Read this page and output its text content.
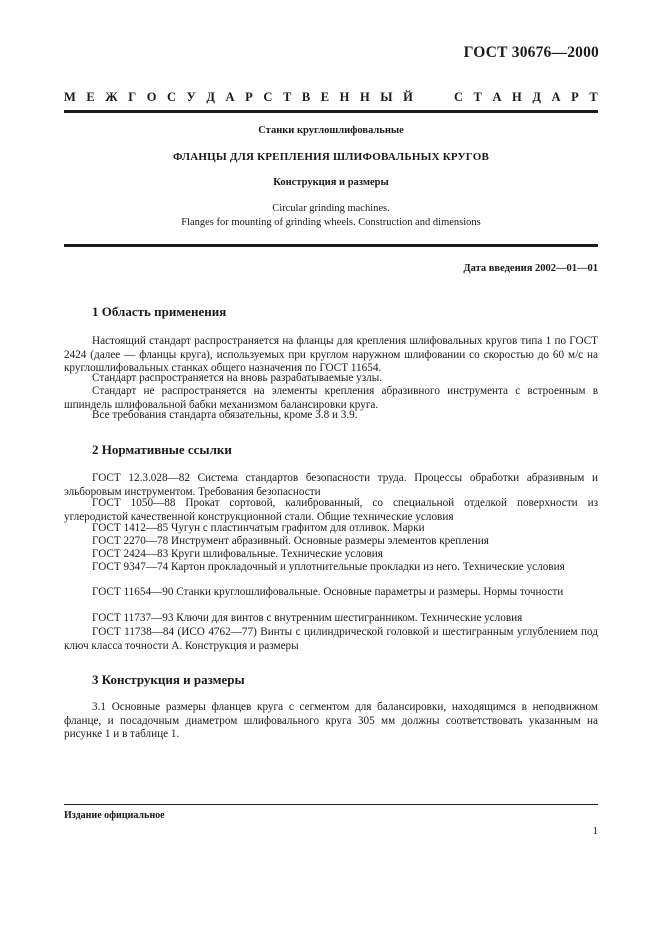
ГОСТ 30676—2000
М Е Ж Г О С У Д А Р С Т В Е Н Н Ы Й	С Т А Н Д А Р Т
Станки круглошлифовальные
ФЛАНЦЫ ДЛЯ КРЕПЛЕНИЯ ШЛИФОВАЛЬНЫХ КРУГОВ
Конструкция и размеры
Circular grinding machines.
Flanges for mounting of grinding wheels. Construction and dimensions
Дата введения 2002—01—01
1 Область применения
Настоящий стандарт распространяется на фланцы для крепления шлифовальных кругов типа 1 по ГОСТ 2424 (далее — фланцы круга), используемых при круглом наружном шлифовании со скоростью до 60 м/с на круглошлифовальных станках общего назначения по ГОСТ 11654.
Стандарт распространяется на вновь разрабатываемые узлы.
Стандарт не распространяется на элементы крепления абразивного инструмента с встроенным в шпиндель шлифовальной бабки механизмом балансировки круга.
Все требования стандарта обязательны, кроме 3.8 и 3.9.
2 Нормативные ссылки
ГОСТ 12.3.028—82 Система стандартов безопасности труда. Процессы обработки абразивным и эльборовым инструментом. Требования безопасности
ГОСТ 1050—88 Прокат сортовой, калиброванный, со специальной отделкой поверхности из углеродистой качественной конструкционной стали. Общие технические условия
ГОСТ 1412—85 Чугун с пластинчатым графитом для отливок. Марки
ГОСТ 2270—78 Инструмент абразивный. Основные размеры элементов крепления
ГОСТ 2424—83 Круги шлифовальные. Технические условия
ГОСТ 9347—74 Картон прокладочный и уплотнительные прокладки из него. Технические условия
ГОСТ 11654—90 Станки круглошлифовальные. Основные параметры и размеры. Нормы точности
ГОСТ 11737—93 Ключи для винтов с внутренним шестигранником. Технические условия
ГОСТ 11738—84 (ИСО 4762—77) Винты с цилиндрической головкой и шестигранным углублением под ключ класса точности А. Конструкция и размеры
3 Конструкция и размеры
3.1 Основные размеры фланцев круга с сегментом для балансировки, находящимся в неподвижном фланце, и посадочным диаметром шлифовального круга 305 мм должны соответствовать указанным на рисунке 1 и в таблице 1.
Издание официальное
1
